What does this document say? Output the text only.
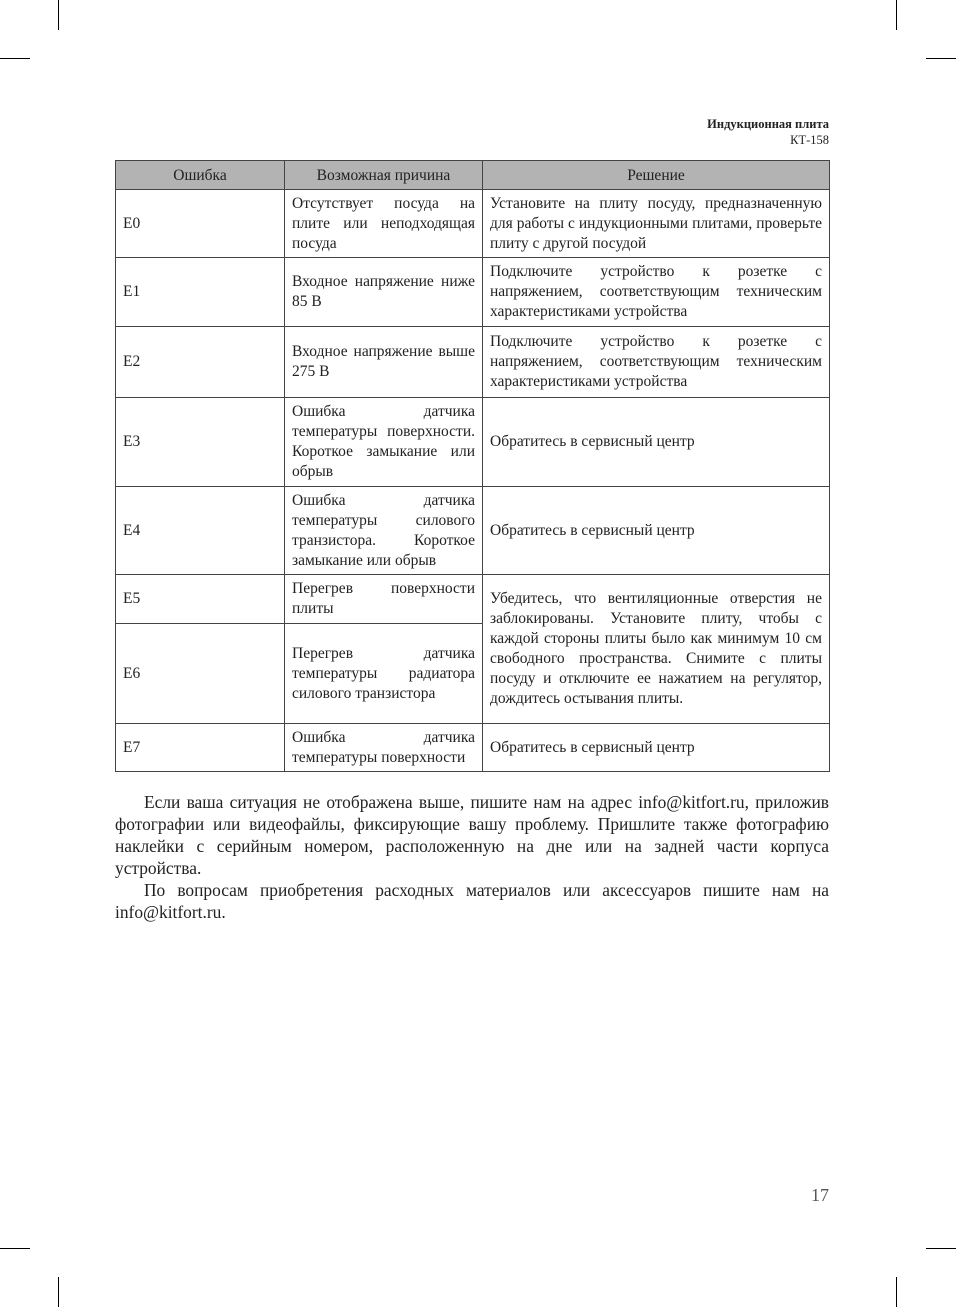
Индукционная плита
КТ-158
Ошибка	Возможная причина	Решение
E0	Отсутствует посуда на плите или неподходящая посуда	Установите на плиту посуду, предназначенную для работы с индукционными плитами, проверьте плиту с другой посудой
E1	Входное напряжение ниже 85 В	Подключите устройство к розетке с напряжением, соответствующим техническим характеристиками устройства
E2	Входное напряжение выше 275 В	Подключите устройство к розетке с напряжением, соответствующим техническим характеристиками устройства
E3	Ошибка датчика температуры поверхности. Короткое замыкание или обрыв	Обратитесь в сервисный центр
E4	Ошибка датчика температуры силового транзистора. Короткое замыкание или обрыв	Обратитесь в сервисный центр
E5	Перегрев поверхности плиты	Убедитесь, что вентиляционные отверстия не заблокированы. Установите плиту, чтобы с каждой стороны плиты было как минимум 10 см свободного пространства. Снимите с плиты посуду и отключите ее нажатием на регулятор, дождитесь остывания плиты.
E6	Перегрев датчика температуры радиатора силового транзистора	
E7	Ошибка датчика температуры поверхности	Обратитесь в сервисный центр

Если ваша ситуация не отображена выше, пишите нам на адрес info@kitfort.ru, приложив фотографии или видеофайлы, фиксирующие вашу проблему. Пришлите также фотографию наклейки с серийным номером, расположенную на дне или на задней части корпуса устройства.

По вопросам приобретения расходных материалов или аксессуаров пишите нам на info@kitfort.ru.

17
